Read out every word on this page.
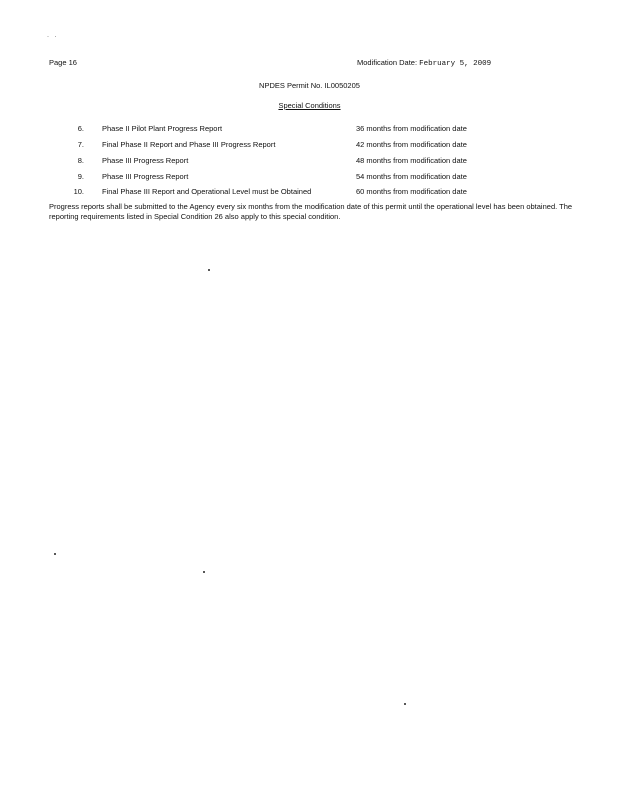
· ·
Page 16	Modification Date: February 5, 2009
NPDES Permit No. IL0050205
Special Conditions
6. Phase II Pilot Plant Progress Report	36 months from modification date
7. Final Phase II Report and Phase III Progress Report	42 months from modification date
8. Phase III Progress Report	48 months from modification date
9. Phase III Progress Report	54 months from modification date
10. Final Phase III Report and Operational Level must be Obtained	60 months from modification date
Progress reports shall be submitted to the Agency every six months from the modification date of this permit until the operational level has been obtained. The reporting requirements listed in Special Condition 26 also apply to this special condition.
